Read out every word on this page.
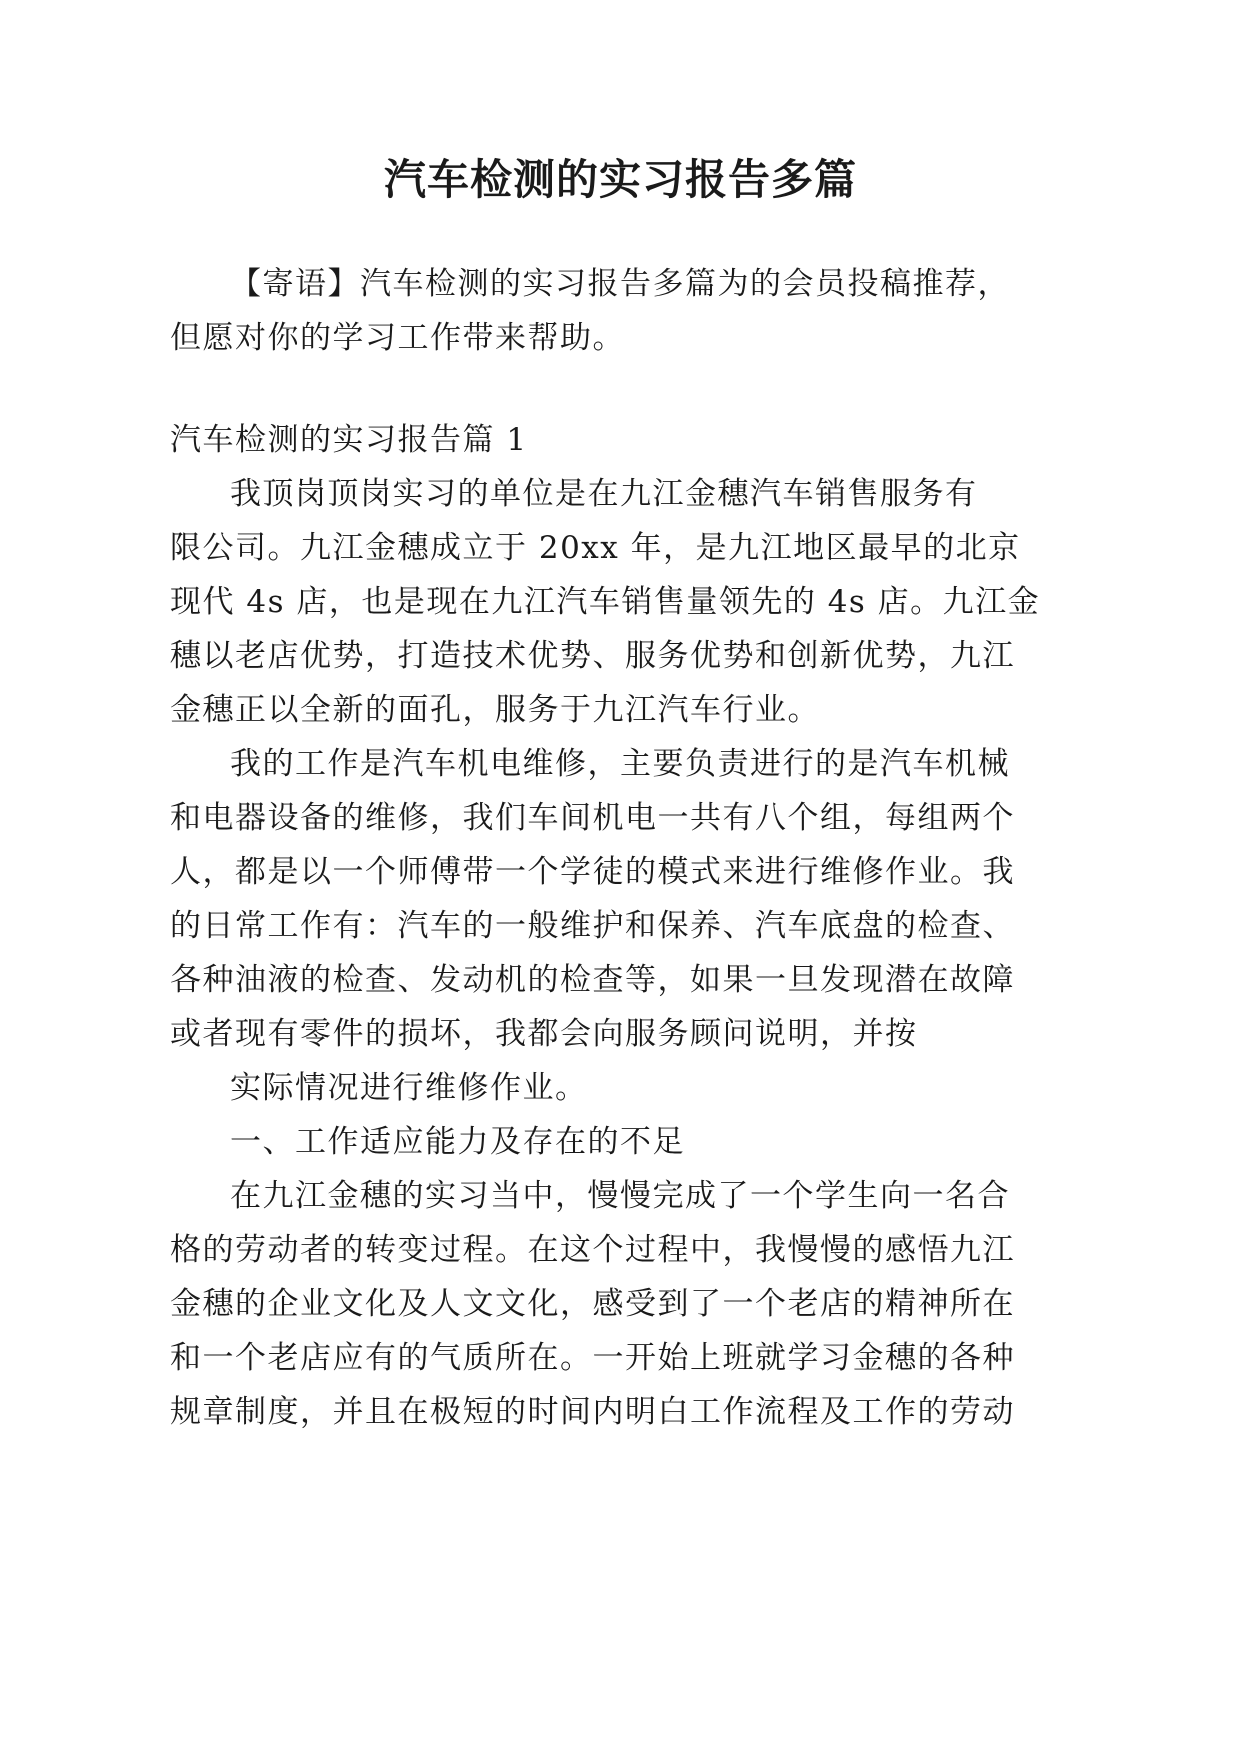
汽车检测的实习报告多篇
【寄语】汽车检测的实习报告多篇为的会员投稿推荐，
但愿对你的学习工作带来帮助。
汽车检测的实习报告篇 1
我顶岗顶岗实习的单位是在九江金穗汽车销售服务有
限公司。九江金穗成立于 20xx 年，是九江地区最早的北京
现代 4s 店，也是现在九江汽车销售量领先的 4s 店。九江金
穗以老店优势，打造技术优势、服务优势和创新优势，九江
金穗正以全新的面孔，服务于九江汽车行业。
我的工作是汽车机电维修，主要负责进行的是汽车机械
和电器设备的维修，我们车间机电一共有八个组，每组两个
人，都是以一个师傅带一个学徒的模式来进行维修作业。我
的日常工作有：汽车的一般维护和保养、汽车底盘的检查、
各种油液的检查、发动机的检查等，如果一旦发现潜在故障
或者现有零件的损坏，我都会向服务顾问说明，并按
实际情况进行维修作业。
一、工作适应能力及存在的不足
在九江金穗的实习当中，慢慢完成了一个学生向一名合
格的劳动者的转变过程。在这个过程中，我慢慢的感悟九江
金穗的企业文化及人文文化，感受到了一个老店的精神所在
和一个老店应有的气质所在。一开始上班就学习金穗的各种
规章制度，并且在极短的时间内明白工作流程及工作的劳动
